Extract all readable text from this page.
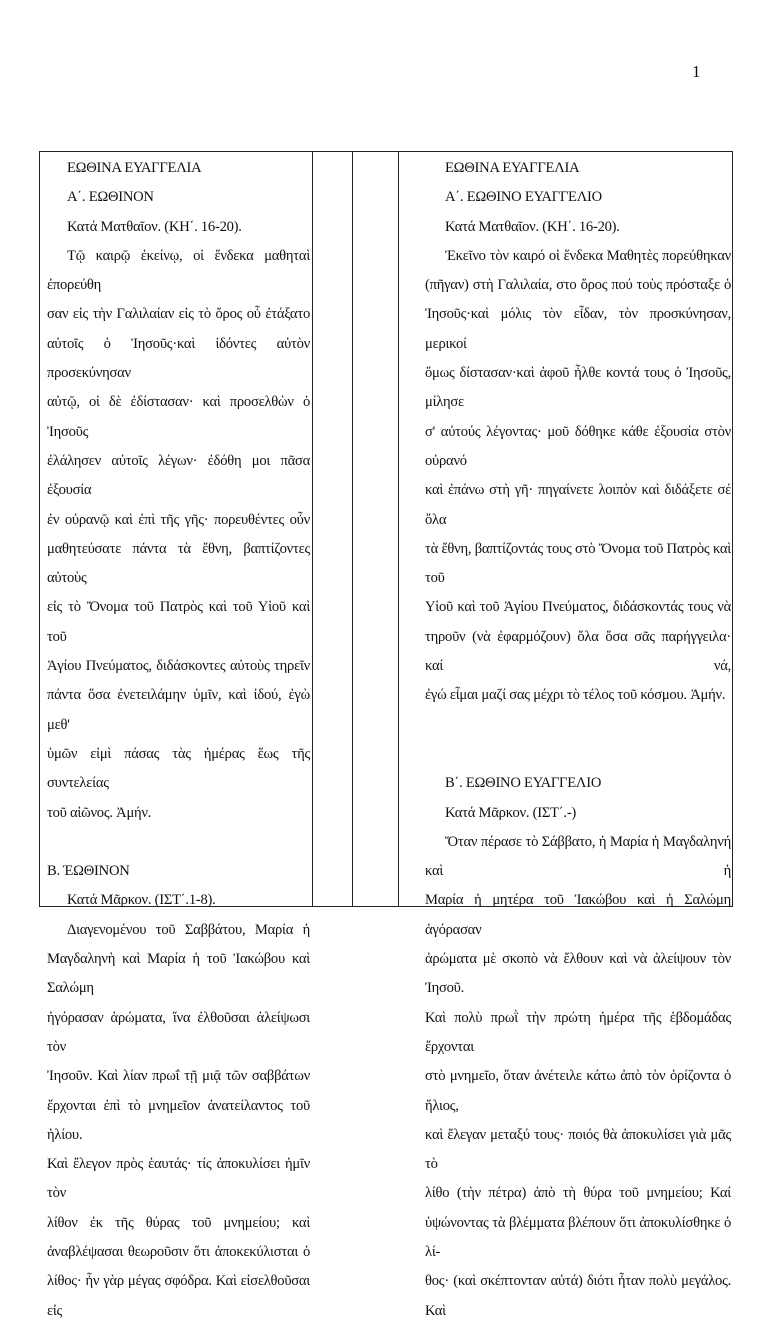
1

ΕΩΘΙΝΑ ΕΥΑΓΓΕΛΙΑ

Α΄. ΕΩΘΙΝΟΝ

Κατά Ματθαῖον. (ΚΗ΄. 16-20).

Τῷ καιρῷ ἐκείνῳ, οἱ ἕνδεκα μαθηταὶ ἐπορεύθη

σαν εἰς τὴν Γαλιλαίαν εἰς τὸ ὄρος οὗ ἐτάξατο

αὐτοῖς ὁ Ἰησοῦς·καὶ ἰδόντες αὐτὸν προσεκύνησαν

αὐτῷ, οἱ δὲ ἐδίστασαν· καὶ προσελθὼν ὁ Ἰησοῦς

ἐλάλησεν αὐτοῖς λέγων· ἐδόθη μοι πᾶσα ἐξουσία

ἐν οὐρανῷ καὶ ἐπὶ τῆς γῆς· πορευθέντες οὖν

μαθητεύσατε πάντα τὰ ἔθνη, βαπτίζοντες αὐτοὺς

εἰς τὸ Ὄνομα τοῦ Πατρὸς καὶ τοῦ Υἱοῦ καὶ τοῦ

Ἁγίου Πνεύματος, διδάσκοντες αὐτοὺς τηρεῖν

πάντα ὅσα ἐνετειλάμην ὑμῖν, καὶ ἰδού, ἐγὼ μεθ'

ὑμῶν εἰμὶ πάσας τὰς ἡμέρας ἕως τῆς συντελείας

τοῦ αἰῶνος. Ἀμήν.

Β. ΈΩΘΙΝΟΝ

Κατά Μᾶρκον. (ΙΣΤ΄.1-8).

Διαγενομένου τοῦ Σαββάτου, Μαρία ἡ

Μαγδαληνὴ καὶ Μαρία ἡ τοῦ Ἰακώβου καὶ Σαλώμη

ἠγόρασαν ἀρώματα, ἵνα ἐλθοῦσαι ἀλείψωσι τὸν

Ἰησοῦν. Καὶ λίαν πρωΐ τῇ μιᾷ τῶν σαββάτων

ἔρχονται ἐπὶ τὸ μνημεῖον ἀνατείλαντος τοῦ ἡλίου.

Καὶ ἔλεγον πρὸς ἑαυτάς· τίς ἀποκυλίσει ἡμῖν τὸν

λίθον ἐκ τῆς θύρας τοῦ μνημείου; καὶ

ἀναβλέψασαι θεωροῦσιν ὅτι ἀποκεκύλισται ὁ

λίθος· ἦν γὰρ μέγας σφόδρα. Καὶ εἰσελθοῦσαι εἰς

ΕΩΘΙΝΑ ΕΥΑΓΓΕΛΙΑ

Α΄. ΕΩΘΙΝΟ ΕΥΑΓΓΕΛΙΟ

Κατά Ματθαῖον. (ΚΗ΄. 16-20).

Ἐκεῖνο τὸν καιρό οἱ ἕνδεκα Μαθητὲς πορεύθηκαν

(πῆγαν) στὴ Γαλιλαία, στο ὄρος πού τοὺς πρόσταξε ὁ

Ἰησοῦς·καὶ μόλις τὸν εἶδαν, τὸν προσκύνησαν, μερικοί

ὅμως δίστασαν·καὶ ἀφοῦ ἦλθε κοντά τους ὁ Ἰησοῦς, μίλησε

σ' αὐτούς λέγοντας· μοῦ δόθηκε κάθε ἐξουσία στὸν οὐρανό

καὶ ἐπάνω στὴ γῆ· πηγαίνετε λοιπὸν καὶ διδάξετε σέ ὅλα

τὰ ἔθνη, βαπτίζοντάς τους στὸ Ὄνομα τοῦ Πατρὸς καὶ τοῦ

Υἱοῦ καὶ τοῦ Ἁγίου Πνεύματος, διδάσκοντάς τους νὰ

τηροῦν (νὰ ἐφαρμόζουν) ὅλα ὅσα σᾶς παρήγγειλα· καί νά,

ἐγώ εἶμαι μαζί σας μέχρι τὸ τέλος τοῦ κόσμου. Ἀμήν.

Β΄. ΕΩΘΙΝΟ ΕΥΑΓΓΕΛΙΟ

Κατά Μᾶρκον. (ΙΣΤ΄.-)

Ὅταν πέρασε τὸ Σάββατο, ἡ Μαρία ἡ Μαγδαληνή καὶ ἡ

Μαρία ἡ μητέρα τοῦ Ἰακώβου καὶ ἡ Σαλώμη ἀγόρασαν

ἀρώματα μὲ σκοπὸ νὰ ἔλθουν καὶ νὰ ἀλείψουν τὸν Ἰησοῦ.

Καὶ πολὺ πρωῒ τὴν πρώτη ἡμέρα τῆς ἑβδομάδας ἔρχονται

στὸ μνημεῖο, ὅταν ἀνέτειλε κάτω ἀπὸ τὸν ὁρίζοντα ὁ ἥλιος,

καὶ ἔλεγαν μεταξύ τους· ποιός θὰ ἀποκυλίσει γιὰ μᾶς τὸ

λίθο (τὴν πέτρα) ἀπὸ τὴ θύρα τοῦ μνημείου; Καί

ὑψώνοντας τὰ βλέμματα βλέπουν ὅτι ἀποκυλίσθηκε ὁ λί-

θος· (καὶ σκέπτονταν αὐτά) διότι ἦταν πολὺ μεγάλος. Καὶ
